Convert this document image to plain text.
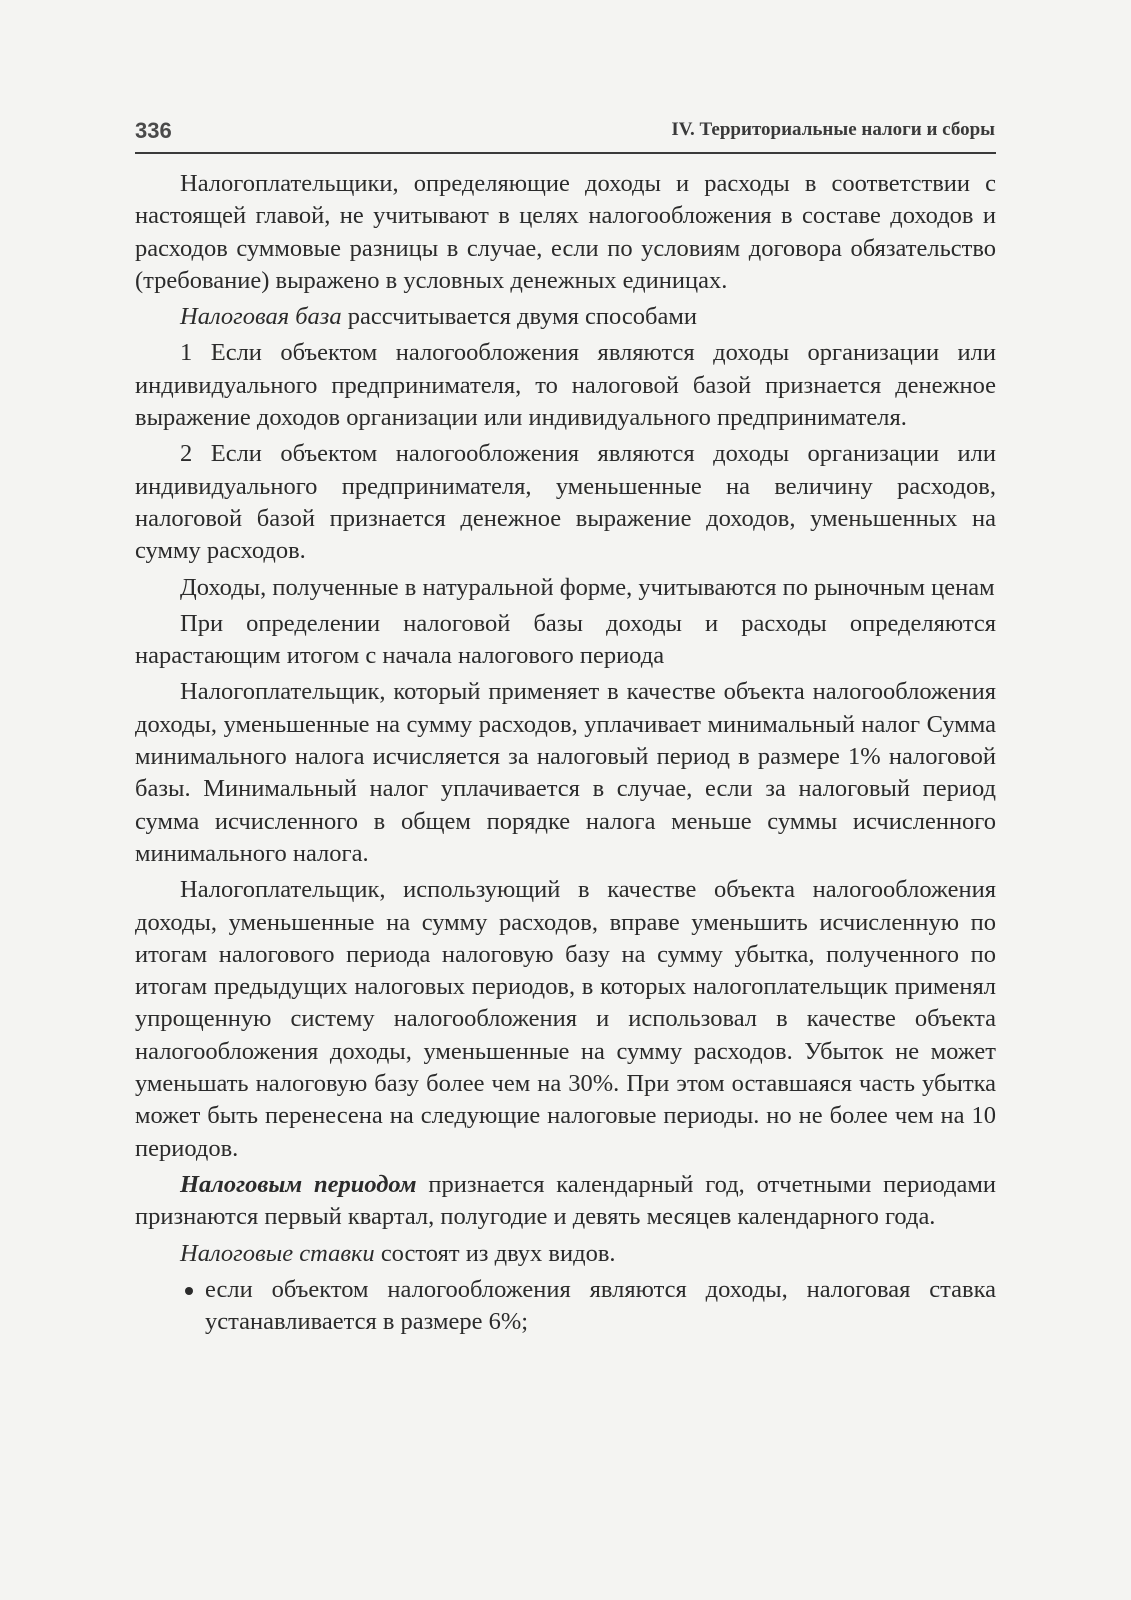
336	IV. Территориальные налоги и сборы

Налогоплательщики, определяющие доходы и расходы в соответствии с настоящей главой, не учитывают в целях налогообложения в составе доходов и расходов суммовые разницы в случае, если по условиям договора обязательство (требование) выражено в условных денежных единицах.

Налоговая база рассчитывается двумя способами

1 Если объектом налогообложения являются доходы организации или индивидуального предпринимателя, то налоговой базой признается денежное выражение доходов организации или индивидуального предпринимателя.

2 Если объектом налогообложения являются доходы организации или индивидуального предпринимателя, уменьшенные на величину расходов, налоговой базой признается денежное выражение доходов, уменьшенных на сумму расходов.

Доходы, полученные в натуральной форме, учитываются по рыночным ценам

При определении налоговой базы доходы и расходы определяются нарастающим итогом с начала налогового периода

Налогоплательщик, который применяет в качестве объекта налогообложения доходы, уменьшенные на сумму расходов, уплачивает минимальный налог Сумма минимального налога исчисляется за налоговый период в размере 1% налоговой базы. Минимальный налог уплачивается в случае, если за налоговый период сумма исчисленного в общем порядке налога меньше суммы исчисленного минимального налога.

Налогоплательщик, использующий в качестве объекта налогообложения доходы, уменьшенные на сумму расходов, вправе уменьшить исчисленную по итогам налогового периода налоговую базу на сумму убытка, полученного по итогам предыдущих налоговых периодов, в которых налогоплательщик применял упрощенную систему налогообложения и использовал в качестве объекта налогообложения доходы, уменьшенные на сумму расходов. Убыток не может уменьшать налоговую базу более чем на 30%. При этом оставшаяся часть убытка может быть перенесена на следующие налоговые периоды. но не более чем на 10 периодов.

Налоговым периодом признается календарный год, отчетными периодами признаются первый квартал, полугодие и девять месяцев календарного года.

Налоговые ставки состоят из двух видов.

если объектом налогообложения являются доходы, налоговая ставка устанавливается в размере 6%;
